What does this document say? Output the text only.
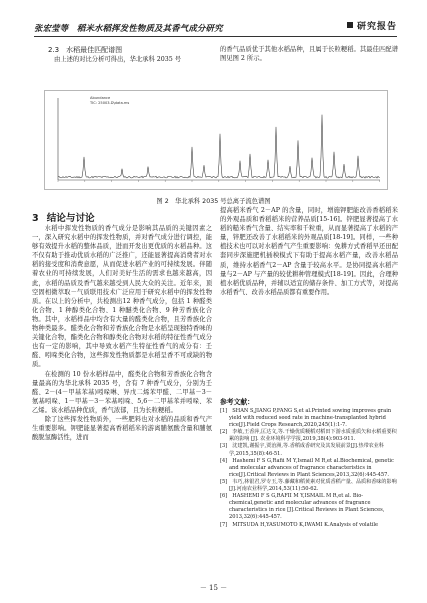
张宏莹等　稻米水稻挥发性物质及其香气成分研究	研究报告
2.3　水稻最佳匹配谱图

由上述的对比分析可得出，华北承科 2035 号

的香气品质优于其他水稻品种，且属于长粒粳稻。其最佳匹配谱图见图 2 所示。

Abundance
TIC: 25003.D\data.ms
图 2　华北承科 2035 号总离子流色谱图
3 结论与讨论

水稻中挥发性物质的香气成分是影响其品质的关键因素之一，深入研究水稻中的挥发性物质，并对香气成分进行调控，能够有效提升水稻的整体品质，进而开发出更优质的水稻品种。这不仅有助于推动优质水稻的广泛推广，还能显著提高消费者对水稻的接受度和消费意愿，从而促进水稻产业的可持续发展。伴随着农业的可持续发展，人们对美好生活的需求也越来越高，因此，水稻的品质及香气越来越受到人民大众的关注。近年来，顶空固相微萃取－气质联用技术广泛应用于研究水稻中的挥发性物质。在以上的分析中，共检测出12 种香气成分，包括 1 种醛类化合物、1 种醇类化合物、1 种醚类化合物、9 种芳香族化合物。其中，水稻样品中均含有大量的醛类化合物，且芳香族化合物种类最多。醛类化合物和芳香族化合物是水稻呈现独特香味的关键化合物，酯类化合物和醇类化合物对水稻的特征性香气成分也有一定的影响，其中导致水稻产生特征性香气的成分有：壬醛、吲哚类化合物，这些挥发性物质都是水稻呈香不可或缺的物质。

在检测的 10 份水稻样品中，醛类化合物和芳香族化合物含量最高的为华北承科 2035 号，含有 7 种香气成分，分别为壬醛、2－(4－甲基苯基)吲哚啉、异戊二烯苯甲醛、二甲基－3－氨基吲哚、1－甲基－3－苯基吲哚、5,6－二甲基苯并吲哚、苯乙烯。该水稻品种优质，香气浓郁，且为长粒粳稻。

除了这些挥发性物质外，一些肥料也对水稻的品质和香气产生重要影响。钾肥能显著提高香稻稻米的游离脯氨酸含量和脯氨酸脱氢酶活性，进而

提高稻米香气 2－AP 的含量，同时，增施钾肥能改善香稻稻米的外观品质和香稻稻米的营养品质[15-16]。锌肥显著提高了水稻的糙米香气含量、结实率和千粒重，从而显著提高了水稻的产量，锌肥还改善了水稻稻米的外观品质[18-19]。同样，一些种植技术也可以对水稻香气产生重要影响：免耕方式香稻早还田配套同步深施肥机插秧模式下有助于提高水稻产量，改善水稻品质，维持水稻香气2－AP 含量于较高水平。是协同提高水稻产量与2－AP 与产量的较优耕种管理模式[18-19]。因此，合理种植水稻优质品种，并辅以适宜的储存条件、加工方式等，对提高水稻香气、改善水稻品质都有重要作用。

参考文献：
[1]　SHAN S,JIANG P,FANG S,et al.Printed sowing improves grain yield with reduced seed rate in machine-transplanted hybrid rice[J].Field Crops Research,2020,245(1):1-7.
[2]　李敏,王香萍,匡达文,等.干燥优质粳稻对稻田下游水质重质矢和水稻重要积累的影响 [J]. 农业环境科学学报,2019,38(4):903-911.
[3]　沈建凯,谢振宇,贾治洲,等.香稻成香研究及其发展前景[J].热带农业科学,2015,35(8):46-51.
[4]　Hashemi F S G,Rafii M Y,Ismail M R,et al.Biochemical, genetic and molecular advances of fragrance characteristics in rice[J].Critical Reviews in Plant Sciences,2013,32(6):445-457.
[5]　韦巧,林银君,罗专玉,等.藤藏和稻黄素对优质香稻产量、品质和香味的影响[J].河南农业科学,2014,53(11):50-62.
[6]　HASHEMI F S G,RAFII M Y,ISMAIL M R,et al. Bio-chemical,genetic and molecular advances of fragrance characteristics in rice [J].Critical Reviews in Plant Sciences, 2013,32(6):445-457.
[7]　MITSUDA H,YASUMOTO K,IWAMI K.Analysis of volatile
－ 15 －
